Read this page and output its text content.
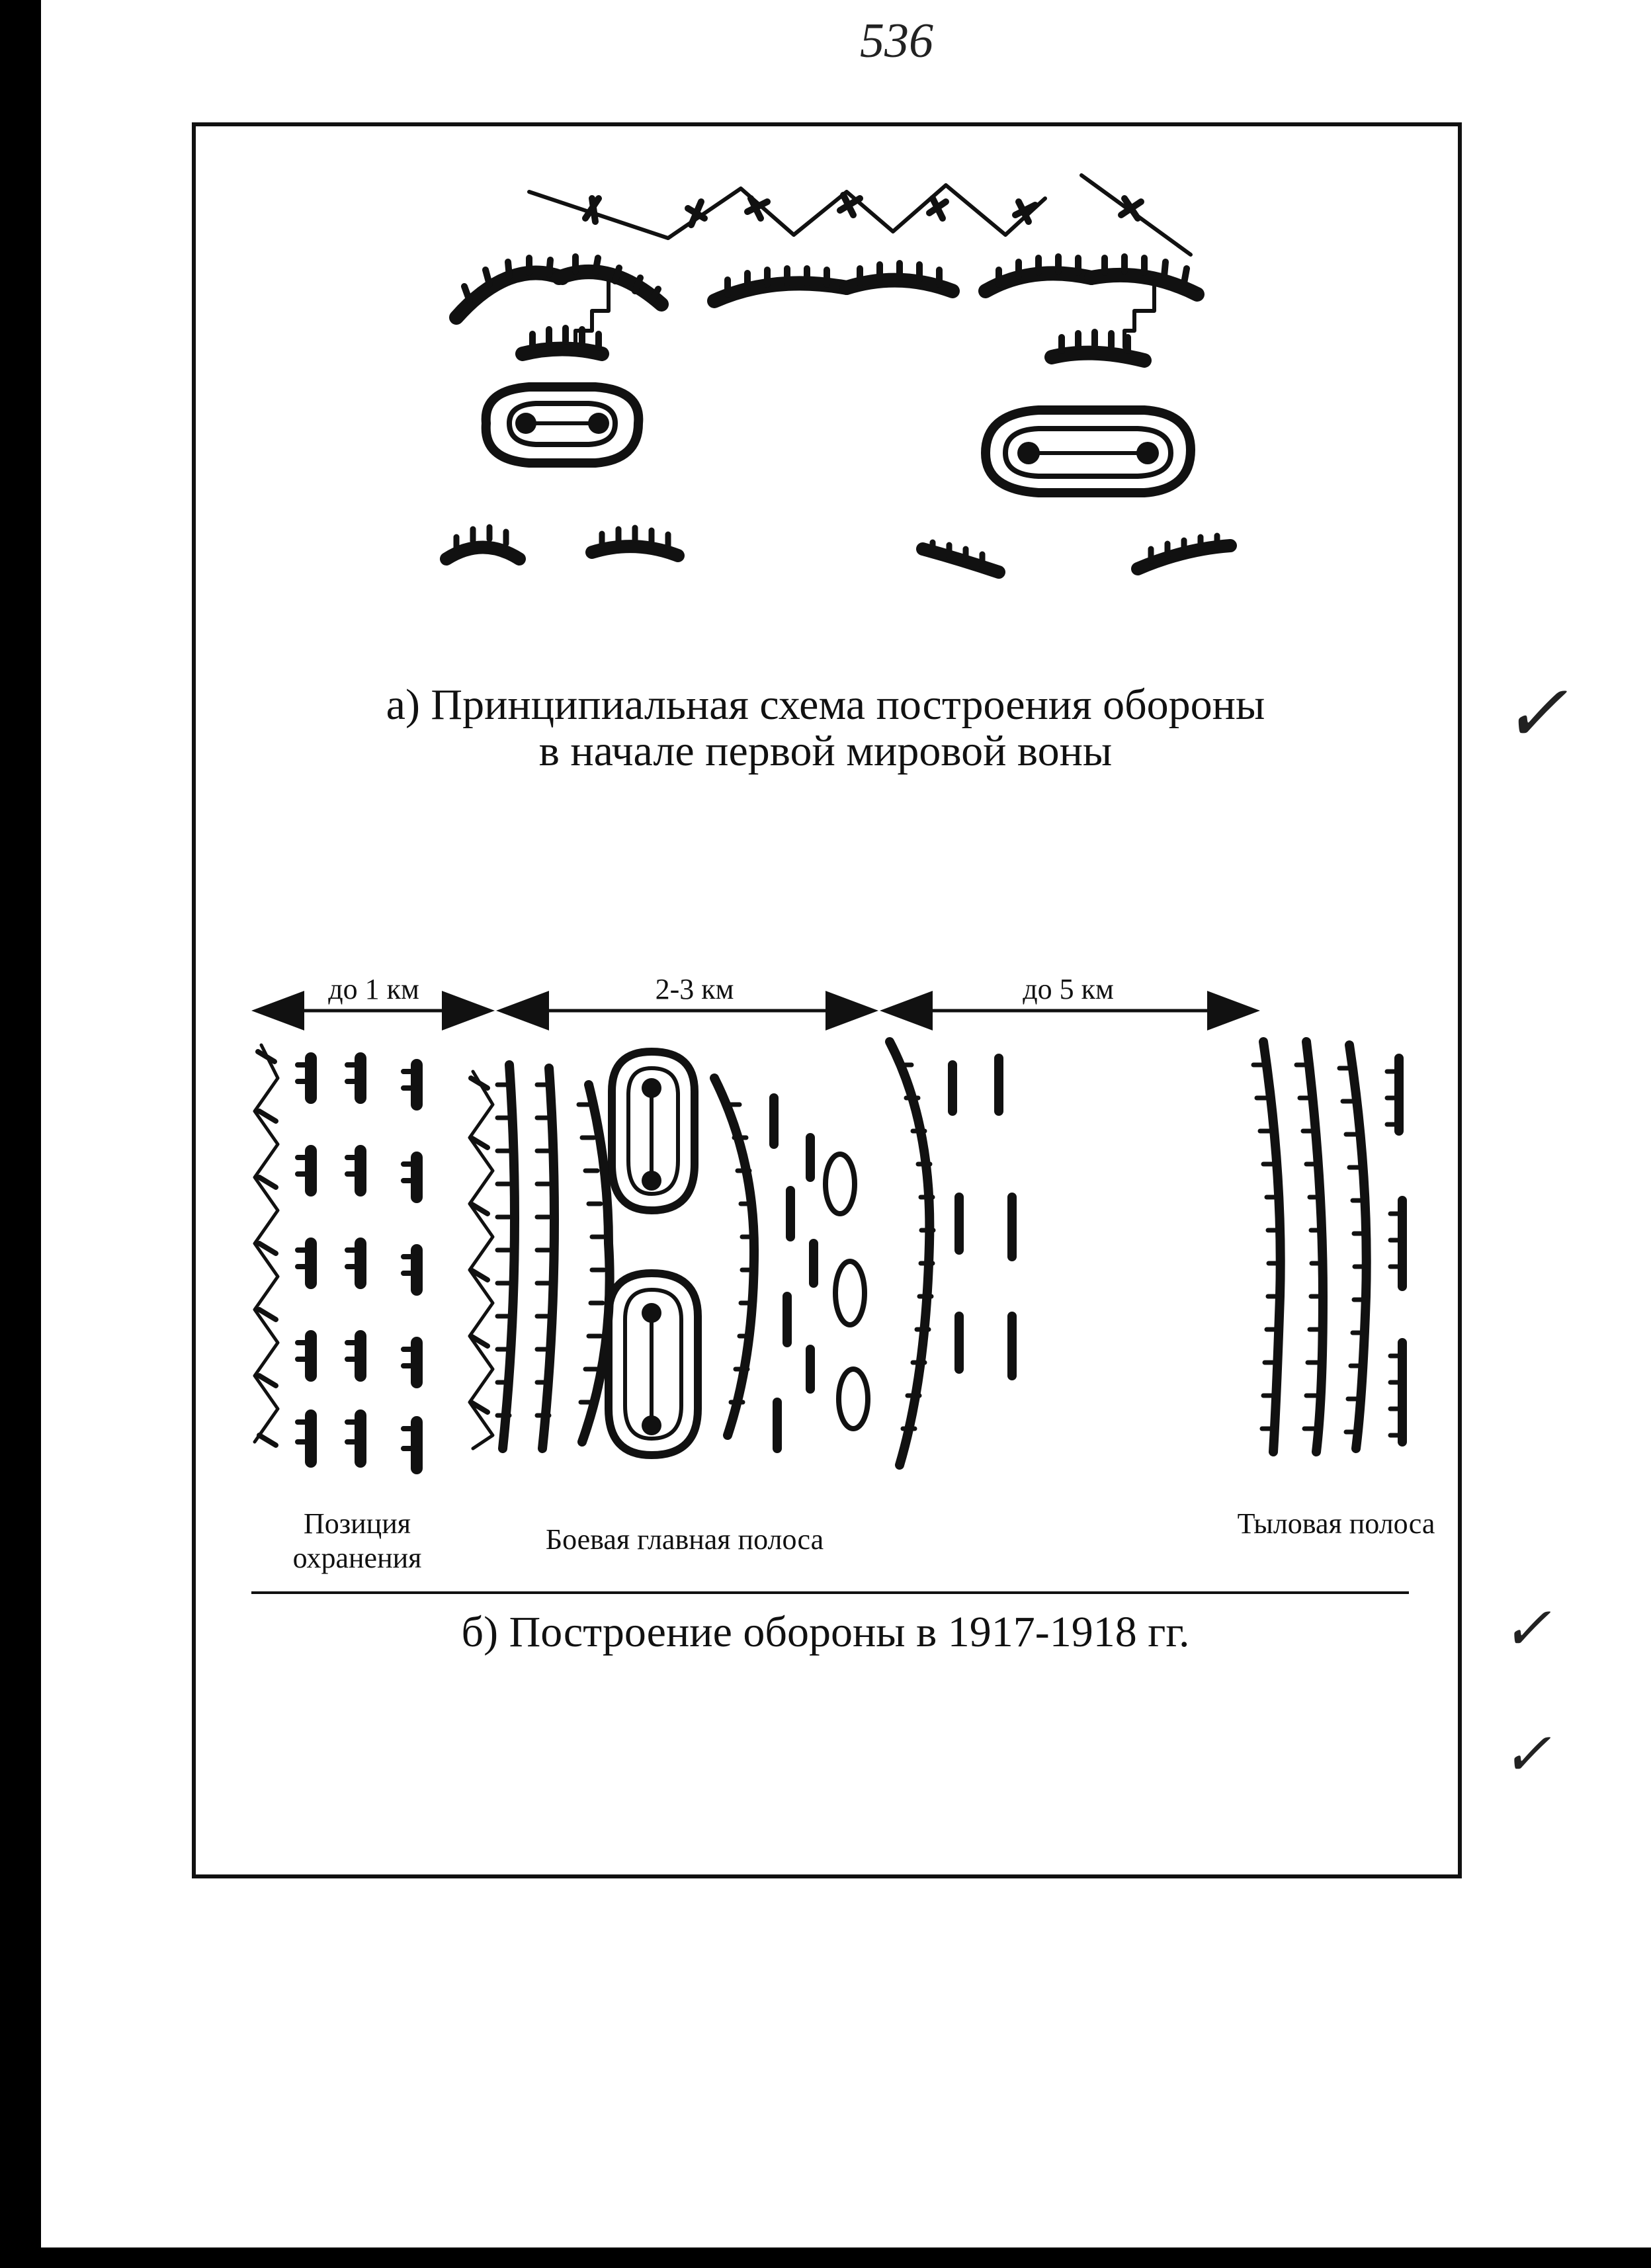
536
а) Принципиальная схема построения обороны
в начале первой мировой воны
до 1 км	2-3 км	до 5 км
Позиция охранения
Боевая главная полоса	Тыловая полоса
б) Построение обороны в 1917-1918 гг.
✓
✓
✓
